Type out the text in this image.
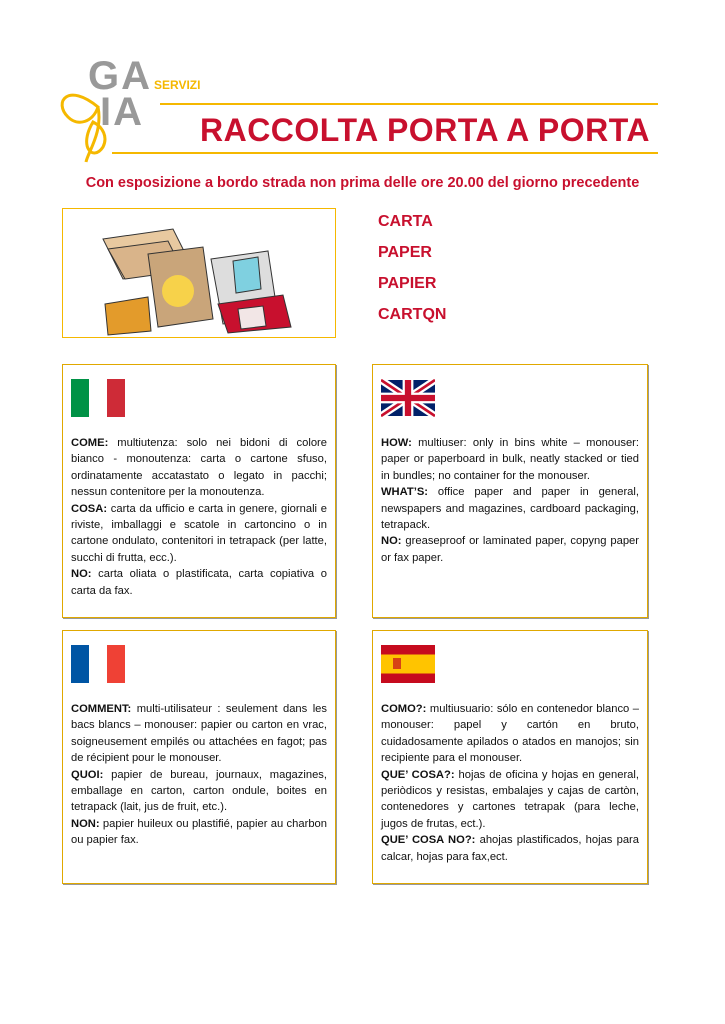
GA
IA
SERVIZI
RACCOLTA PORTA A PORTA
Con esposizione a bordo strada non prima delle ore 20.00 del giorno precedente
CARTA
PAPER
PAPIER
CARTQN
COME: multiutenza: solo nei bidoni di colore bianco - monoutenza: carta o cartone sfuso, ordinatamente accatastato o legato in pacchi; nessun contenitore per la monoutenza.
COSA: carta da ufficio e carta in genere, giornali e riviste, imballaggi e scatole in cartoncino o in cartone ondulato, contenitori in tetrapack (per latte, succhi di frutta, ecc.).
NO: carta oliata o plastificata, carta copiativa o carta da fax.
HOW: multiuser: only in bins white – monouser: paper or paperboard in bulk, neatly stacked or tied in bundles; no container for the monouser.
WHAT’S: office paper and paper in general, newspapers and magazines, cardboard packaging, tetrapack.
NO: greaseproof or laminated paper, copyng paper or fax paper.
COMMENT: multi-utilisateur : seulement dans les bacs blancs – monouser: papier ou carton en vrac, soigneusement empilés ou attachées en fagot; pas de récipient pour le monouser.
QUOI: papier de bureau, journaux, magazines, emballage en carton, carton ondule, boites en tetrapack (lait, jus de fruit, etc.).
NON: papier huileux ou plastifié, papier au charbon ou papier fax.
COMO?: multiusuario: sólo en contenedor blanco – monouser: papel y cartón en bruto, cuidadosamente apilados o atados en manojos; sin recipiente para el monouser.
QUE’ COSA?: hojas de oficina y hojas en general, periòdicos y resistas, embalajes y cajas de cartòn, contenedores y cartones tetrapak (para leche, jugos de frutas, ect.).
QUE’ COSA NO?: ahojas plastificados, hojas para calcar, hojas para fax,ect.
